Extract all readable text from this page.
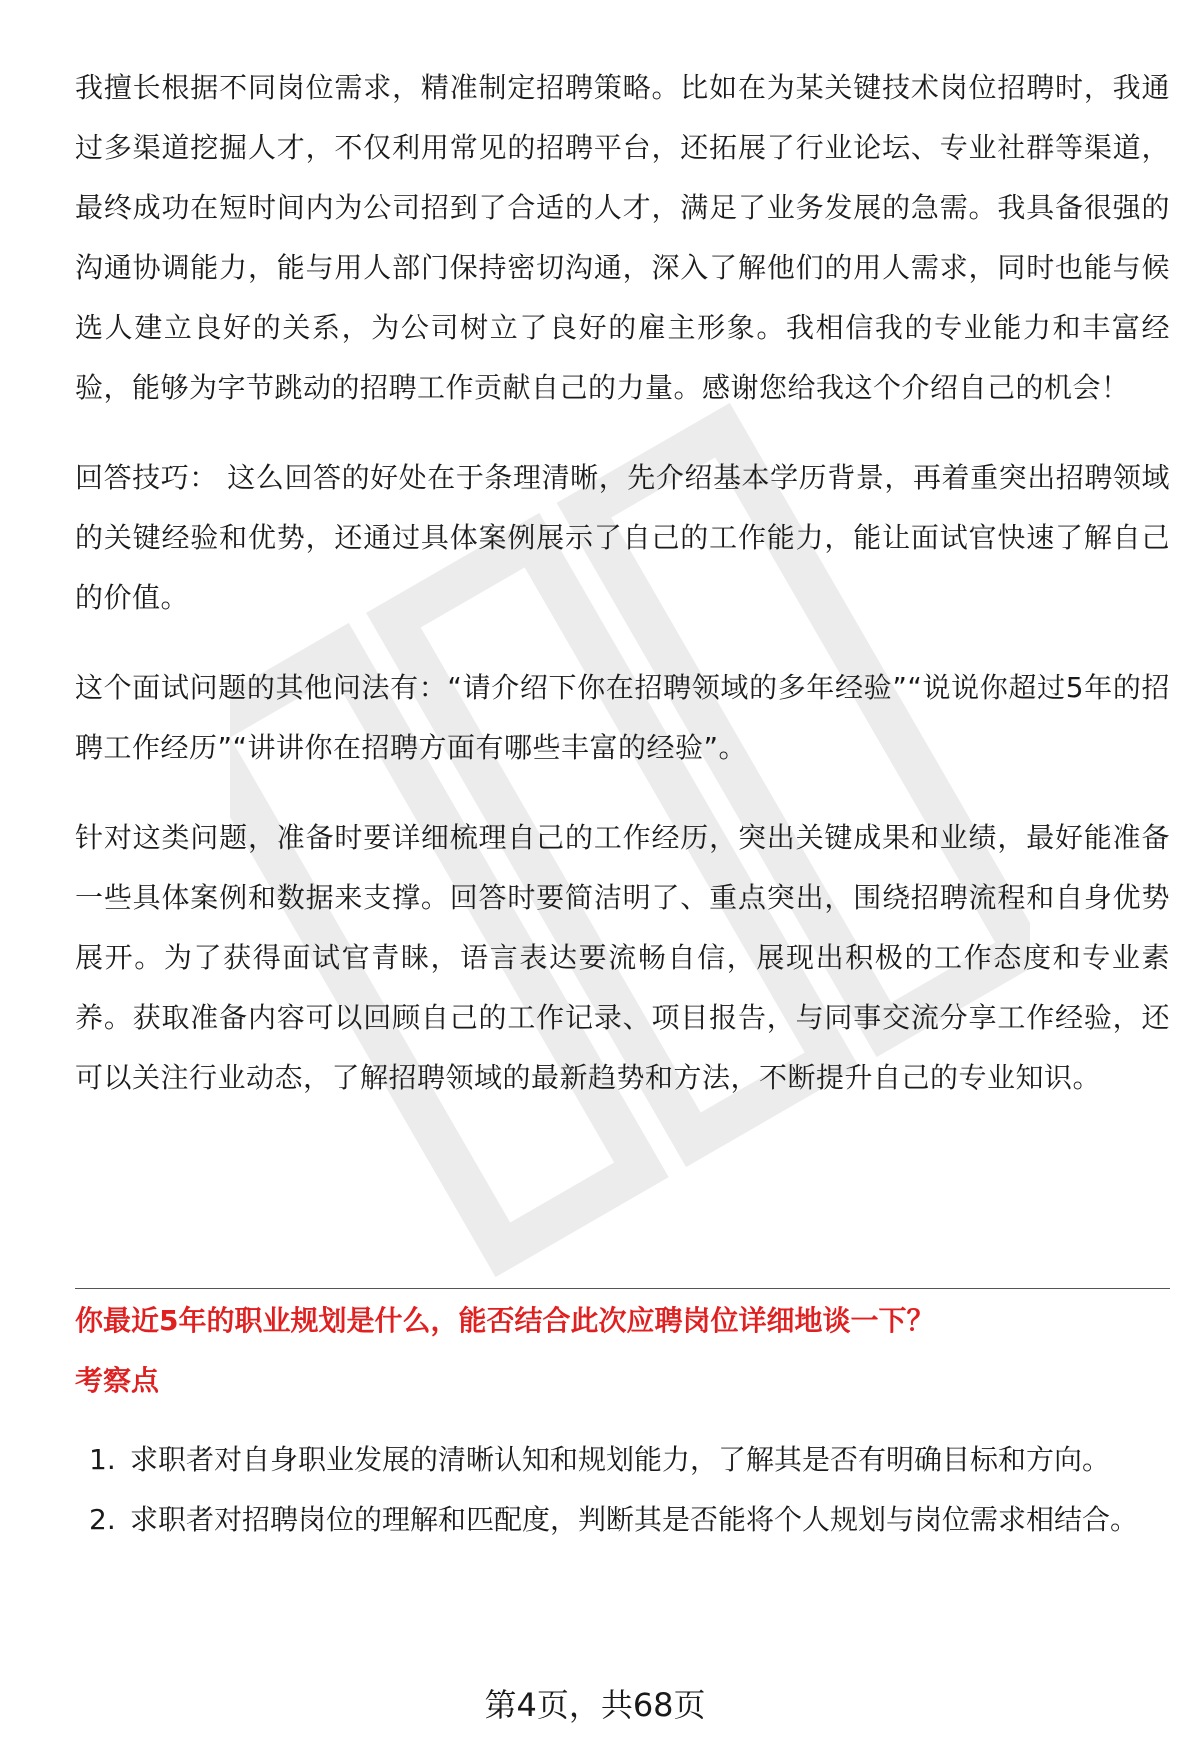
我擅长根据不同岗位需求，精准制定招聘策略。比如在为某关键技术岗位招聘时，我通过多渠道挖掘人才，不仅利用常见的招聘平台，还拓展了行业论坛、专业社群等渠道，最终成功在短时间内为公司招到了合适的人才，满足了业务发展的急需。我具备很强的沟通协调能力，能与用人部门保持密切沟通，深入了解他们的用人需求，同时也能与候选人建立良好的关系，为公司树立了良好的雇主形象。我相信我的专业能力和丰富经验，能够为字节跳动的招聘工作贡献自己的力量。感谢您给我这个介绍自己的机会！

回答技巧： 这么回答的好处在于条理清晰，先介绍基本学历背景，再着重突出招聘领域的关键经验和优势，还通过具体案例展示了自己的工作能力，能让面试官快速了解自己的价值。

这个面试问题的其他问法有：“请介绍下你在招聘领域的多年经验”“说说你超过5年的招聘工作经历”“讲讲你在招聘方面有哪些丰富的经验”。

针对这类问题，准备时要详细梳理自己的工作经历，突出关键成果和业绩，最好能准备一些具体案例和数据来支撑。回答时要简洁明了、重点突出，围绕招聘流程和自身优势展开。为了获得面试官青睐，语言表达要流畅自信，展现出积极的工作态度和专业素养。获取准备内容可以回顾自己的工作记录、项目报告，与同事交流分享工作经验，还可以关注行业动态，了解招聘领域的最新趋势和方法，不断提升自己的专业知识。

你最近5年的职业规划是什么，能否结合此次应聘岗位详细地谈一下？

考察点

1. 求职者对自身职业发展的清晰认知和规划能力，了解其是否有明确目标和方向。
2. 求职者对招聘岗位的理解和匹配度，判断其是否能将个人规划与岗位需求相结合。
第4页，共68页
